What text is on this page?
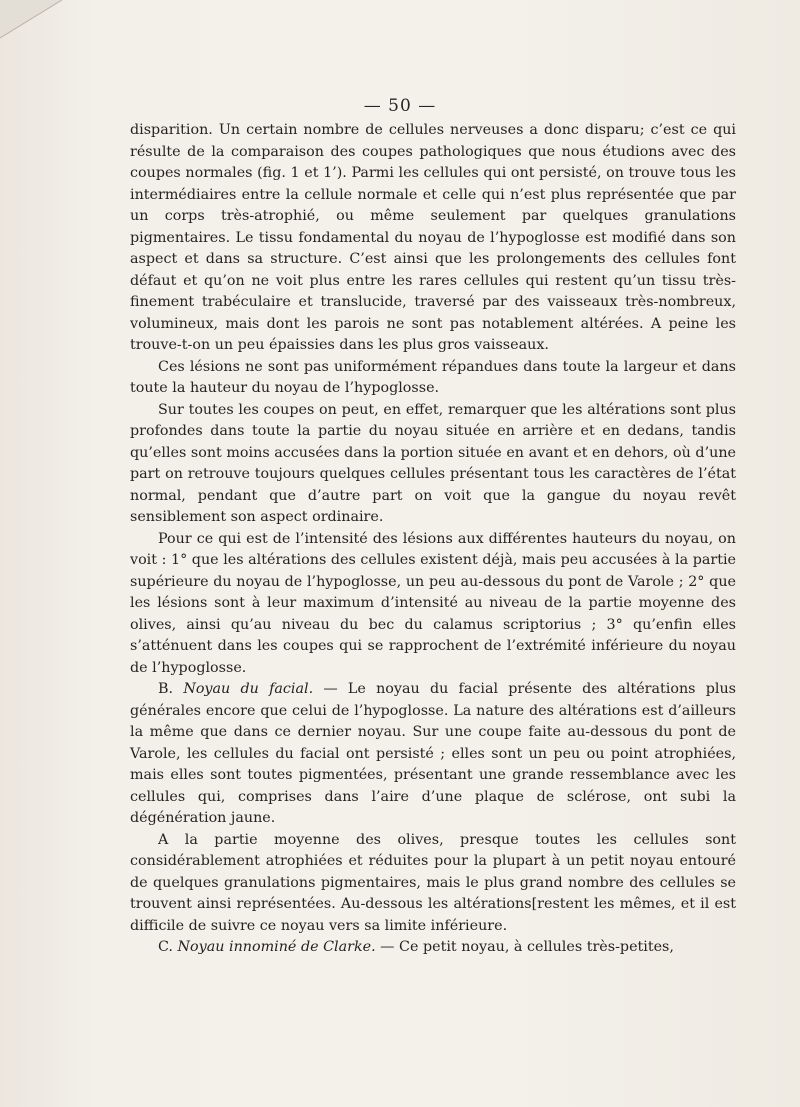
— 50 —

disparition. Un certain nombre de cellules nerveuses a donc disparu; c’est ce qui résulte de la comparaison des coupes pathologiques que nous étudions avec des coupes normales (fig. 1 et 1’). Parmi les cellules qui ont persisté, on trouve tous les intermédiaires entre la cellule normale et celle qui n’est plus représentée que par un corps très-atrophié, ou même seulement par quelques granulations pigmentaires. Le tissu fondamental du noyau de l’hypoglosse est modifié dans son aspect et dans sa structure. C’est ainsi que les prolongements des cellules font défaut et qu’on ne voit plus entre les rares cellules qui restent qu’un tissu très-finement trabéculaire et translucide, traversé par des vaisseaux très-nombreux, volumineux, mais dont les parois ne sont pas notablement altérées. A peine les trouve-t-on un peu épaissies dans les plus gros vaisseaux.

Ces lésions ne sont pas uniformément répandues dans toute la largeur et dans toute la hauteur du noyau de l’hypoglosse.

Sur toutes les coupes on peut, en effet, remarquer que les altérations sont plus profondes dans toute la partie du noyau située en arrière et en dedans, tandis qu’elles sont moins accusées dans la portion située en avant et en dehors, où d’une part on retrouve toujours quelques cellules présentant tous les caractères de l’état normal, pendant que d’autre part on voit que la gangue du noyau revêt sensiblement son aspect ordinaire.

Pour ce qui est de l’intensité des lésions aux différentes hauteurs du noyau, on voit : 1° que les altérations des cellules existent déjà, mais peu accusées à la partie supérieure du noyau de l’hypoglosse, un peu au-dessous du pont de Varole ; 2° que les lésions sont à leur maximum d’intensité au niveau de la partie moyenne des olives, ainsi qu’au niveau du bec du calamus scriptorius ; 3° qu’enfin elles s’atténuent dans les coupes qui se rapprochent de l’extrémité inférieure du noyau de l’hypoglosse.

B. Noyau du facial. — Le noyau du facial présente des altérations plus générales encore que celui de l’hypoglosse. La nature des altérations est d’ailleurs la même que dans ce dernier noyau. Sur une coupe faite au-dessous du pont de Varole, les cellules du facial ont persisté ; elles sont un peu ou point atrophiées, mais elles sont toutes pigmentées, présentant une grande ressemblance avec les cellules qui, comprises dans l’aire d’une plaque de sclérose, ont subi la dégénération jaune.

A la partie moyenne des olives, presque toutes les cellules sont considérablement atrophiées et réduites pour la plupart à un petit noyau entouré de quelques granulations pigmentaires, mais le plus grand nombre des cellules se trouvent ainsi représentées. Au-dessous les altérations[restent les mêmes, et il est difficile de suivre ce noyau vers sa limite inférieure.

C. Noyau innominé de Clarke. — Ce petit noyau, à cellules très-petites,
